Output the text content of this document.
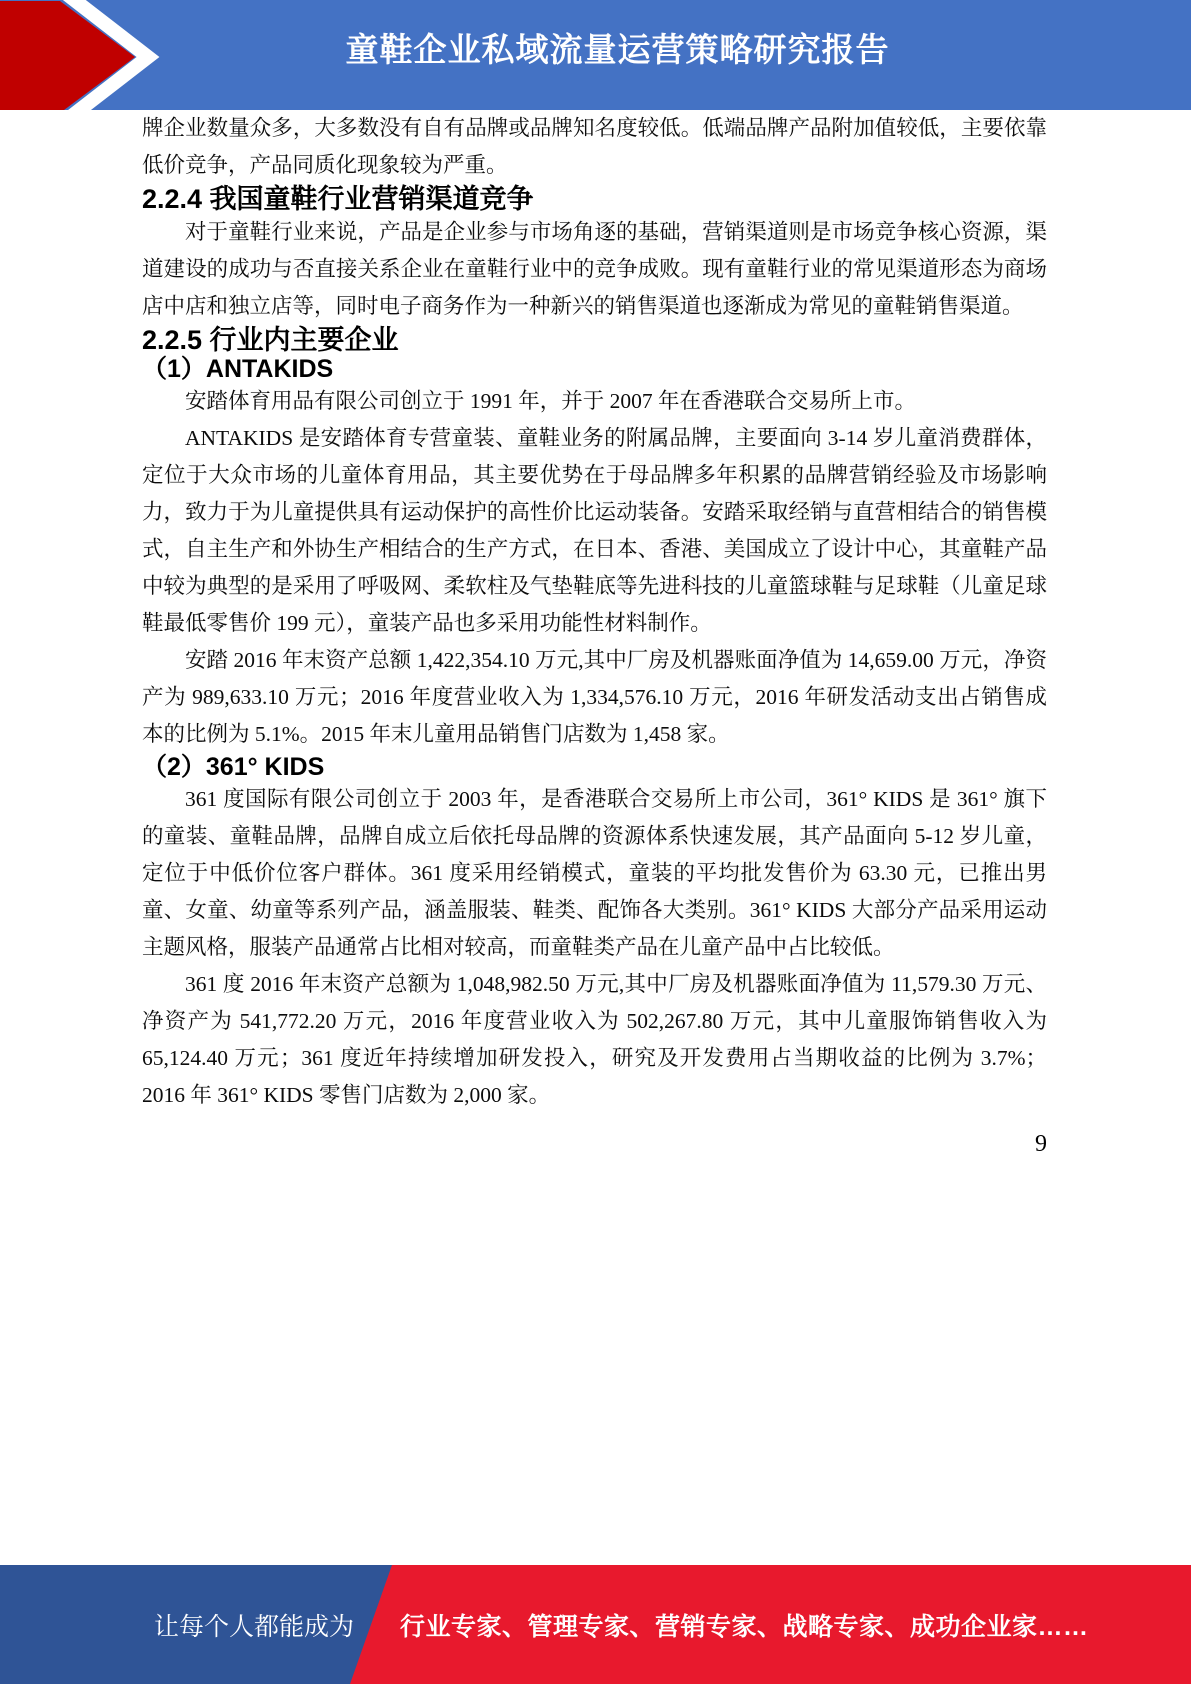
童鞋企业私域流量运营策略研究报告

牌企业数量众多，大多数没有自有品牌或品牌知名度较低。低端品牌产品附加值较低，主要依靠低价竞争，产品同质化现象较为严重。

2.2.4 我国童鞋行业营销渠道竞争

对于童鞋行业来说，产品是企业参与市场角逐的基础，营销渠道则是市场竞争核心资源，渠道建设的成功与否直接关系企业在童鞋行业中的竞争成败。现有童鞋行业的常见渠道形态为商场店中店和独立店等，同时电子商务作为一种新兴的销售渠道也逐渐成为常见的童鞋销售渠道。

2.2.5 行业内主要企业
（1）ANTAKIDS

安踏体育用品有限公司创立于 1991 年，并于 2007 年在香港联合交易所上市。

ANTAKIDS 是安踏体育专营童装、童鞋业务的附属品牌，主要面向 3-14 岁儿童消费群体，定位于大众市场的儿童体育用品，其主要优势在于母品牌多年积累的品牌营销经验及市场影响力，致力于为儿童提供具有运动保护的高性价比运动装备。安踏采取经销与直营相结合的销售模式，自主生产和外协生产相结合的生产方式，在日本、香港、美国成立了设计中心，其童鞋产品中较为典型的是采用了呼吸网、柔软柱及气垫鞋底等先进科技的儿童篮球鞋与足球鞋（儿童足球鞋最低零售价 199 元），童装产品也多采用功能性材料制作。

安踏 2016 年末资产总额 1,422,354.10 万元,其中厂房及机器账面净值为 14,659.00 万元，净资产为 989,633.10 万元；2016 年度营业收入为 1,334,576.10 万元，2016 年研发活动支出占销售成本的比例为 5.1%。2015 年末儿童用品销售门店数为 1,458 家。

（2）361° KIDS

361 度国际有限公司创立于 2003 年，是香港联合交易所上市公司，361° KIDS 是 361° 旗下的童装、童鞋品牌，品牌自成立后依托母品牌的资源体系快速发展，其产品面向 5-12 岁儿童，定位于中低价位客户群体。361 度采用经销模式，童装的平均批发售价为 63.30 元，已推出男童、女童、幼童等系列产品，涵盖服装、鞋类、配饰各大类别。361° KIDS 大部分产品采用运动主题风格，服装产品通常占比相对较高，而童鞋类产品在儿童产品中占比较低。

361 度 2016 年末资产总额为 1,048,982.50 万元,其中厂房及机器账面净值为 11,579.30 万元、净资产为 541,772.20 万元，2016 年度营业收入为 502,267.80 万元，其中儿童服饰销售收入为 65,124.40 万元；361 度近年持续增加研发投入，研究及开发费用占当期收益的比例为 3.7%；2016 年 361° KIDS 零售门店数为 2,000 家。

9
让每个人都能成为 行业专家、管理专家、营销专家、战略专家、成功企业家……
